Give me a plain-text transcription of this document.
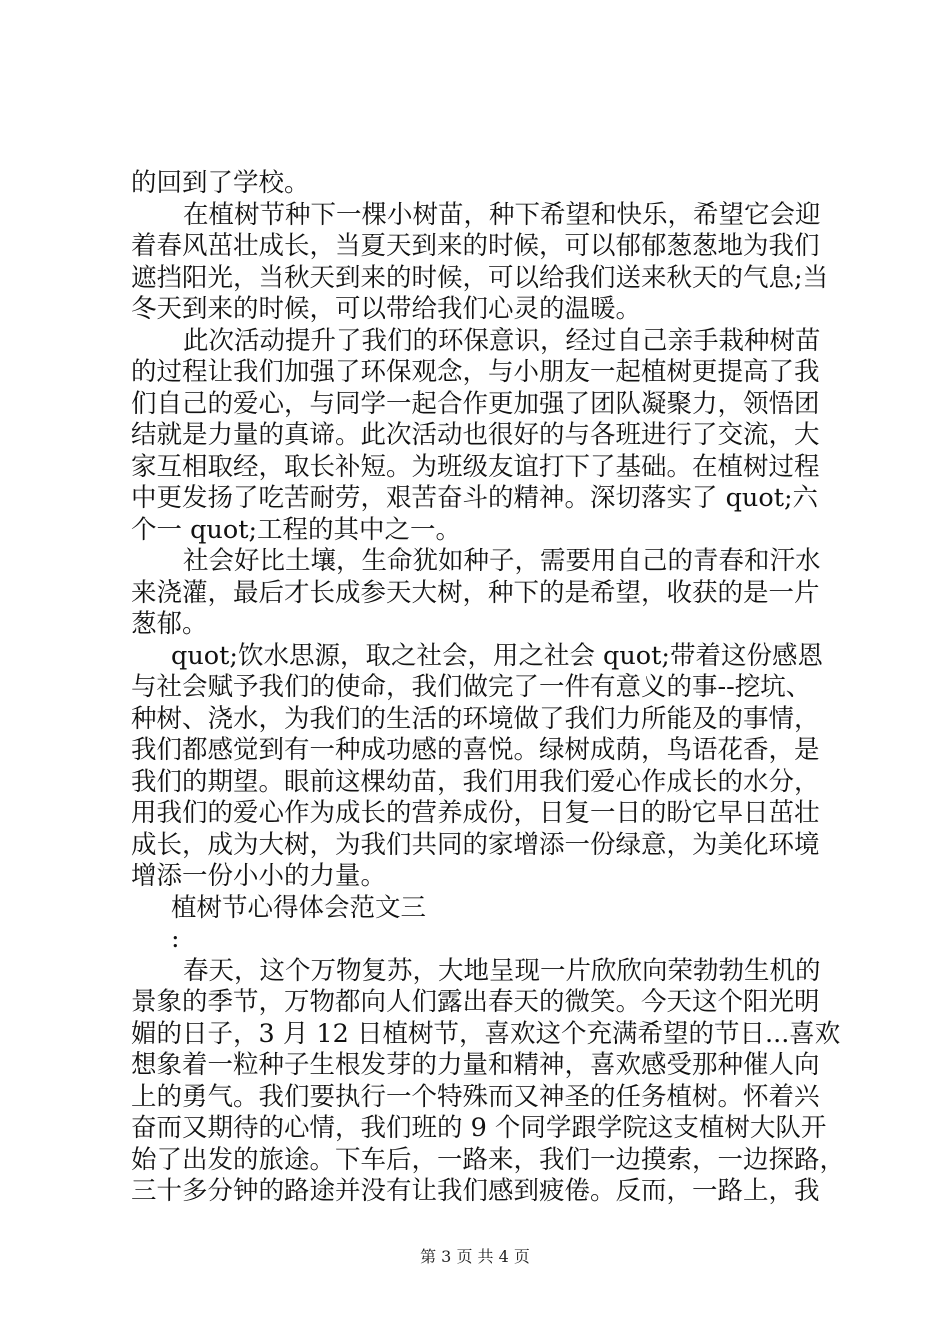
的回到了学校。
在植树节种下一棵小树苗，种下希望和快乐，希望它会迎
着春风茁壮成长，当夏天到来的时候，可以郁郁葱葱地为我们
遮挡阳光，当秋天到来的时候，可以给我们送来秋天的气息;当
冬天到来的时候，可以带给我们心灵的温暖。
此次活动提升了我们的环保意识，经过自己亲手栽种树苗
的过程让我们加强了环保观念，与小朋友一起植树更提高了我
们自己的爱心，与同学一起合作更加强了团队凝聚力，领悟团
结就是力量的真谛。此次活动也很好的与各班进行了交流，大
家互相取经，取长补短。为班级友谊打下了基础。在植树过程
中更发扬了吃苦耐劳，艰苦奋斗的精神。深切落实了 quot;六
个一 quot;工程的其中之一。
社会好比土壤，生命犹如种子，需要用自己的青春和汗水
来浇灌，最后才长成参天大树，种下的是希望，收获的是一片
葱郁。
quot;饮水思源，取之社会，用之社会 quot;带着这份感恩
与社会赋予我们的使命，我们做完了一件有意义的事--挖坑、
种树、浇水，为我们的生活的环境做了我们力所能及的事情，
我们都感觉到有一种成功感的喜悦。绿树成荫，鸟语花香，是
我们的期望。眼前这棵幼苗，我们用我们爱心作成长的水分，
用我们的爱心作为成长的营养成份，日复一日的盼它早日茁壮
成长，成为大树，为我们共同的家增添一份绿意，为美化环境
增添一份小小的力量。
植树节心得体会范文三
:
春天，这个万物复苏，大地呈现一片欣欣向荣勃勃生机的
景象的季节，万物都向人们露出春天的微笑。今天这个阳光明
媚的日子，3 月 12 日植树节，喜欢这个充满希望的节日...喜欢
想象着一粒种子生根发芽的力量和精神，喜欢感受那种催人向
上的勇气。我们要执行一个特殊而又神圣的任务植树。怀着兴
奋而又期待的心情，我们班的 9 个同学跟学院这支植树大队开
始了出发的旅途。下车后，一路来，我们一边摸索，一边探路，
三十多分钟的路途并没有让我们感到疲倦。反而，一路上，我
第 3 页 共 4 页
